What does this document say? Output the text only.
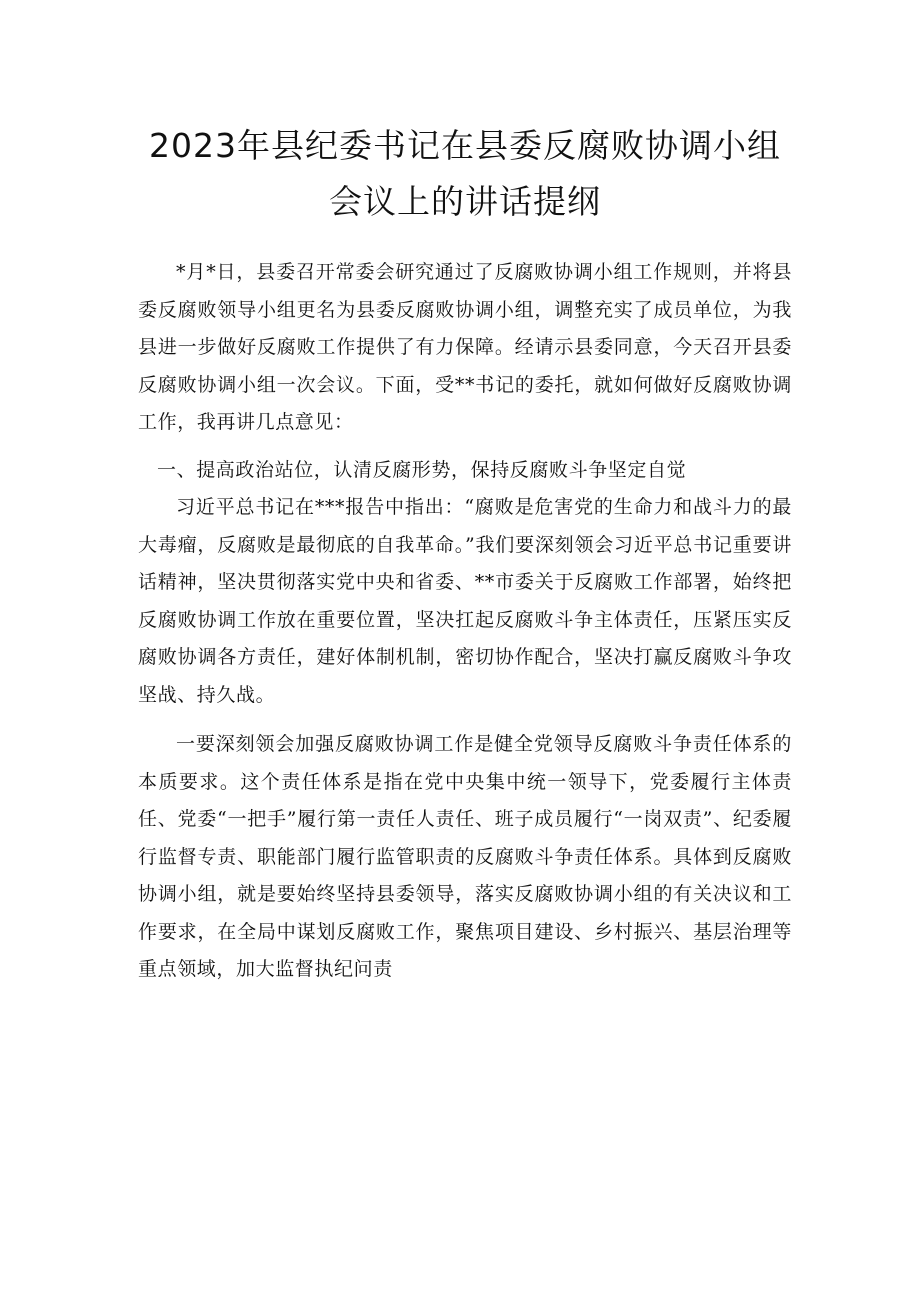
2023年县纪委书记在县委反腐败协调小组
会议上的讲话提纲

*月*日，县委召开常委会研究通过了反腐败协调小组工作规则，并将县委反腐败领导小组更名为县委反腐败协调小组，调整充实了成员单位，为我县进一步做好反腐败工作提供了有力保障。经请示县委同意，今天召开县委反腐败协调小组一次会议。下面，受**书记的委托，就如何做好反腐败协调工作，我再讲几点意见：

一、提高政治站位，认清反腐形势，保持反腐败斗争坚定自觉

习近平总书记在***报告中指出：“腐败是危害党的生命力和战斗力的最大毒瘤，反腐败是最彻底的自我革命。”我们要深刻领会习近平总书记重要讲话精神，坚决贯彻落实党中央和省委、**市委关于反腐败工作部署，始终把反腐败协调工作放在重要位置，坚决扛起反腐败斗争主体责任，压紧压实反腐败协调各方责任，建好体制机制，密切协作配合，坚决打赢反腐败斗争攻坚战、持久战。

一要深刻领会加强反腐败协调工作是健全党领导反腐败斗争责任体系的本质要求。这个责任体系是指在党中央集中统一领导下，党委履行主体责任、党委“一把手”履行第一责任人责任、班子成员履行“一岗双责”、纪委履行监督专责、职能部门履行监管职责的反腐败斗争责任体系。具体到反腐败协调小组，就是要始终坚持县委领导，落实反腐败协调小组的有关决议和工作要求，在全局中谋划反腐败工作，聚焦项目建设、乡村振兴、基层治理等重点领域，加大监督执纪问责
